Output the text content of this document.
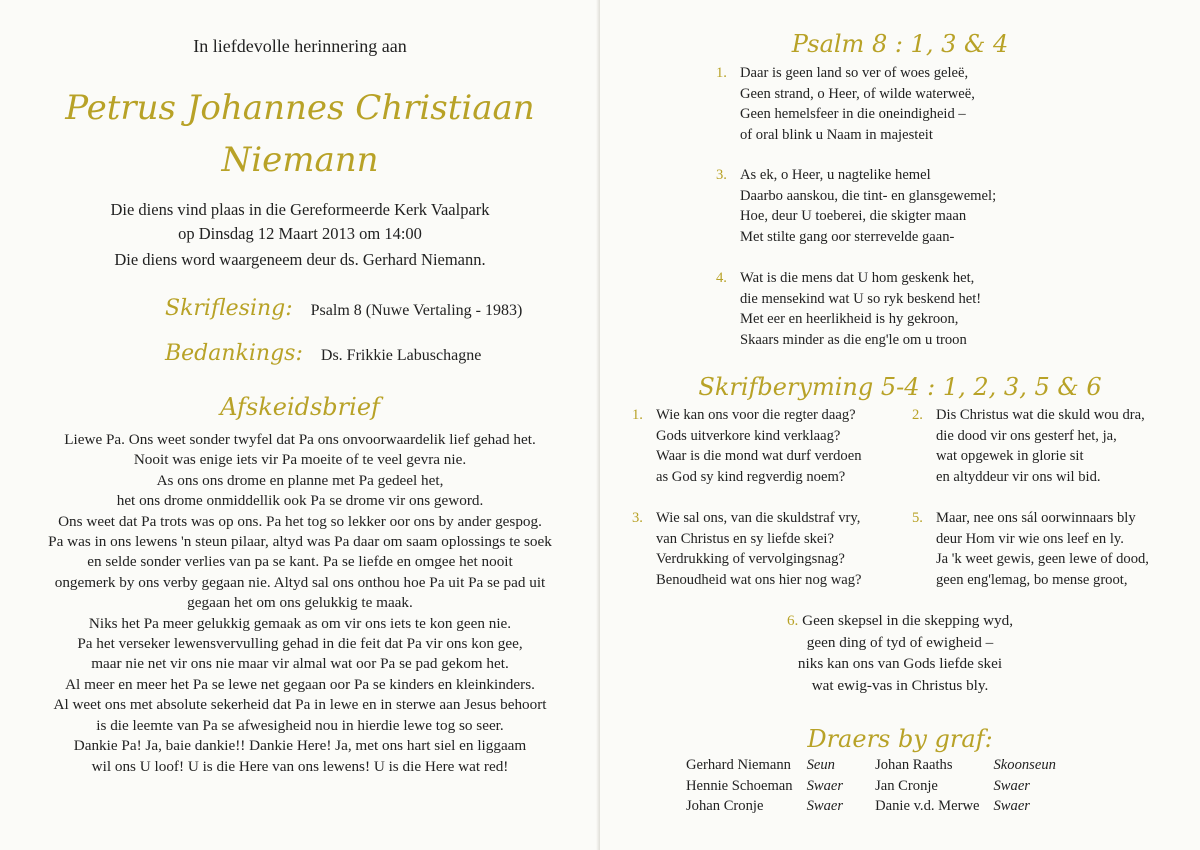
In liefdevolle herinnering aan
Petrus Johannes Christiaan
Niemann
Die diens vind plaas in die Gereformeerde Kerk Vaalpark
op Dinsdag 12 Maart 2013 om 14:00
Die diens word waargeneem deur ds. Gerhard Niemann.
Skriflesing: Psalm 8 (Nuwe Vertaling - 1983)
Bedankings: Ds. Frikkie Labuschagne
Afskeidsbrief
Liewe Pa. Ons weet sonder twyfel dat Pa ons onvoorwaardelik lief gehad het.
Nooit was enige iets vir Pa moeite of te veel gevra nie.
As ons ons drome en planne met Pa gedeel het,
het ons drome onmiddellik ook Pa se drome vir ons geword.
Ons weet dat Pa trots was op ons. Pa het tog so lekker oor ons by ander gespog.
Pa was in ons lewens 'n steun pilaar, altyd was Pa daar om saam oplossings te soek
en selde sonder verlies van pa se kant. Pa se liefde en omgee het nooit
ongemerk by ons verby gegaan nie. Altyd sal ons onthou hoe Pa uit Pa se pad uit
gegaan het om ons gelukkig te maak.
Niks het Pa meer gelukkig gemaak as om vir ons iets te kon geen nie.
Pa het verseker lewensvervulling gehad in die feit dat Pa vir ons kon gee,
maar nie net vir ons nie maar vir almal wat oor Pa se pad gekom het.
Al meer en meer het Pa se lewe net gegaan oor Pa se kinders en kleinkinders.
Al weet ons met absolute sekerheid dat Pa in lewe en in sterwe aan Jesus behoort
is die leemte van Pa se afwesigheid nou in hierdie lewe tog so seer.
Dankie Pa! Ja, baie dankie!! Dankie Here! Ja, met ons hart siel en liggaam
wil ons U loof! U is die Here van ons lewens! U is die Here wat red!
Psalm 8 : 1, 3 & 4
1. Daar is geen land so ver of woes geleë,
Geen strand, o Heer, of wilde waterweë,
Geen hemelsfeer in die oneindigheid –
of oral blink u Naam in majesteit
3. As ek, o Heer, u nagtelike hemel
Daarbo aanskou, die tint- en glansgewemel;
Hoe, deur U toeberei, die skigter maan
Met stilte gang oor sterrevelde gaan-
4. Wat is die mens dat U hom geskenk het,
die mensekind wat U so ryk beskend het!
Met eer en heerlikheid is hy gekroon,
Skaars minder as die eng'le om u troon
Skrifberyming 5-4 : 1, 2, 3, 5 & 6
1. Wie kan ons voor die regter daag?
Gods uitverkore kind verklaag?
Waar is die mond wat durf verdoen
as God sy kind regverdig noem?
2. Dis Christus wat die skuld wou dra,
die dood vir ons gesterf het, ja,
wat opgewek in glorie sit
en altyddeur vir ons wil bid.
3. Wie sal ons, van die skuldstraf vry,
van Christus en sy liefde skei?
Verdrukking of vervolgingsnag?
Benoudheid wat ons hier nog wag?
5. Maar, nee ons sál oorwinnaars bly
deur Hom vir wie ons leef en ly.
Ja 'k weet gewis, geen lewe of dood,
geen eng'lemag, bo mense groot,
6. Geen skepsel in die skepping wyd,
geen ding of tyd of ewigheid –
niks kan ons van Gods liefde skei
wat ewig-vas in Christus bly.
Draers by graf:
Gerhard Niemann	Seun	Johan Raaths	Skoonseun
Hennie Schoeman	Swaer	Jan Cronje	Swaer
Johan Cronje	Swaer	Danie v.d. Merwe	Swaer
